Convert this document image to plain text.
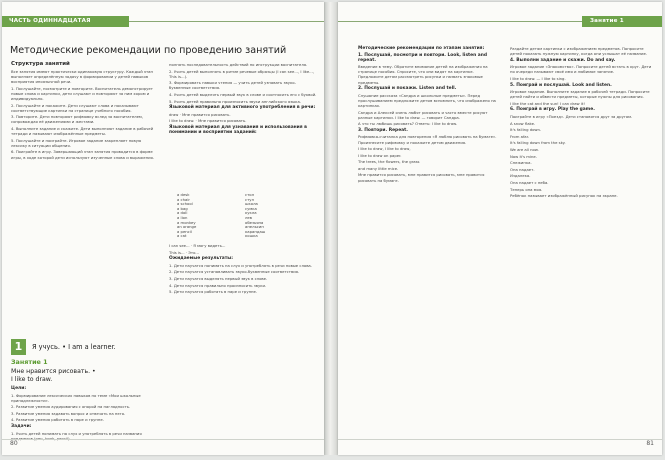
ЧАСТЬ ОДИННАДЦАТАЯ
Методические рекомендации по проведению занятий

Структура занятий

Все занятия имеют практически одинаковую структуру. Каждый этап выполняет определённую задачу в формировании у детей навыков восприятия иноязычной речи.

1. Послушайте, посмотрите и повторите. Воспитатель демонстрирует новые слова и картинки, дети слушают и повторяют за ним хором и индивидуально.

2. Послушайте и покажите. Дети слушают слова и показывают соответствующие картинки на странице учебного пособия.

3. Повторите. Дети повторяют рифмовку вслед за воспитателем, сопровождая её движениями и жестами.

4. Выполните задание и скажите. Дети выполняют задание в рабочей тетради и называют изображённые предметы.

5. Послушайте и поиграйте. Игровое задание закрепляет новую лексику в ситуации общения.

6. Поиграйте в игру. Завершающий этап занятия проводится в форме игры, в ходе которой дети используют изученные слова и выражения.

1	Я учусь. • I am a learner.
Занятие 1
Мне нравится рисовать. •
I like to draw.

Цели:

1. Формирование лексических навыков по теме «Мои школьные принадлежности».

2. Развитие умения аудирования с опорой на наглядность.

3. Развитие умения задавать вопрос и отвечать на него.

4. Развитие умения работать в паре и группе.

Задачи:

1. Учить детей понимать на слух и употреблять в речи названия

полнять последовательность действий по инструкции воспитателя.

2. Учить детей выполнять в ритме речевые образцы (I can see..., I like..., This is...).

3. Формировать навыки чтения — учить детей узнавать звуко-буквенные соответствия.

4. Учить детей выделять первый звук в слове и соотносить его с буквой.

5. Учить детей правильно произносить звуки английского языка.

Языковой материал для активного употребления в речи:

draw · Мне нравится рисовать.

I like to draw. · Мне нравится рисовать.

Языковой материал для узнавания и использования в понимании и восприятии заданий:

a desk
a chair
a school
a bag
a doll
a lion
a monkey
an orange
a pencil
a cat
стол
стул
школа
сумка
кукла
лев
обезьяна
апельсин
карандаш
кошка

I can see... · Я могу видеть...

This is... · Это...

Ожидаемые результаты:

1. Дети научатся понимать на слух и употреблять в речи новые слова.

2. Дети научатся устанавливать звуко-буквенные соответствия.

3. Дети научатся выделять первый звук в слове.

4. Дети научатся правильно произносить звуки.

5. Дети научатся работать в паре и группе.

80
Занятие 1

Методические рекомендации по этапам занятия:

1. Послушай, посмотри и повтори. Look, listen and repeat.

Введение в тему. Обратите внимание детей на изображения на странице пособия. Спросите, что они видят на картинке. Предложите детям рассмотреть рисунки и назвать знакомые предметы.

2. Послушай и покажи. Listen and tell.

Слушание рассказа «Сандра и школьные предметы». Перед прослушиванием предложите детям вспомнить, что изображено на картинках.

Сандра и Алексей очень любят рисовать и часто вместе рисуют разные картинки. I like to draw. — говорит Сандра.

А что ты любишь рисовать? Ответь: I like to draw.

3. Повтори. Repeat.

Рифмовка-считалка для повторения «Я люблю рисовать на бумаге». Произнесите рифмовку и покажите детям движения.

I like to draw, I like to draw,

I like to draw on paper.

The trees, the flowers, the grass

and many little mice.

Мне нравится рисовать, мне нравится рисовать, мне нравится рисовать на бумаге.

Раздайте детям картинки с изображением предметов. Попросите детей показать нужную картинку, когда они услышат её название.

4. Выполни задание и скажи. Do and say.

Игровое задание «Знакомство». Попросите детей встать в круг. Дети по очереди называют своё имя и любимое занятие.

I like to draw. — I like to sing.

5. Поиграй и послушай. Look and listen.

Игровое задание. Выполните задание в рабочей тетради. Попросите детей найти и обвести предметы, которые нужны для рисования.

I like the cat and the sun! I can draw it!

6. Поиграй в игру. Play the game.

Поиграйте в игру «Поезд». Дети становятся друг за другом.

A snow flake.

It's falling down.

From afar.

It's falling down from the sky.

We are all now.

Now it's mine.

Снежинка.

Она падает.

Издалека.

Она падает с неба.

Теперь она моя.

Ребёнок называет изображённый рисунок на экране.

81
